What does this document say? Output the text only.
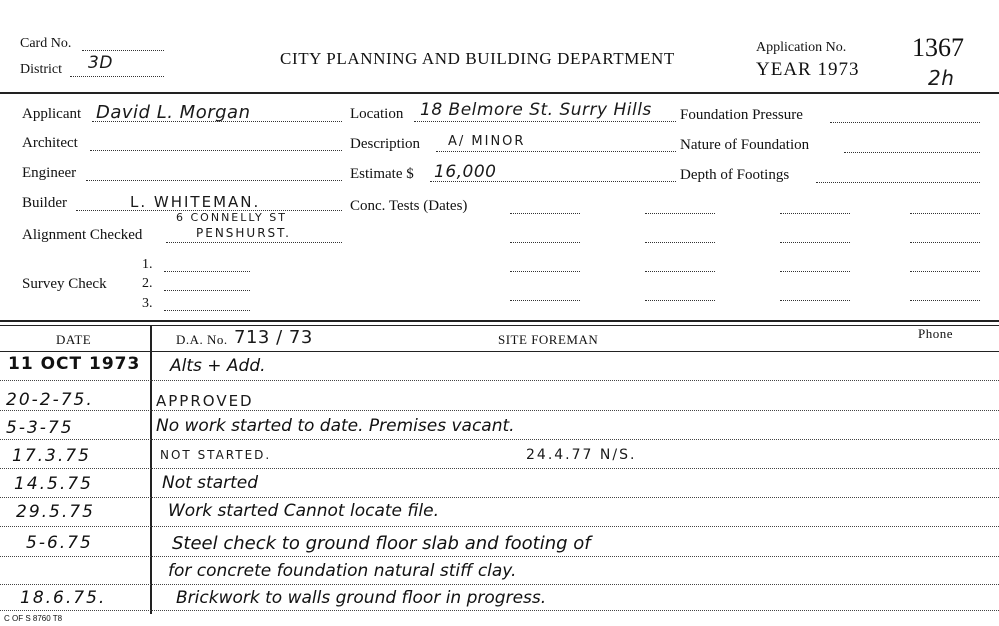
Card No.
District 3D	CITY PLANNING AND BUILDING DEPARTMENT
Application No.
YEAR 1973
1367
2h
Applicant David L. Morgan
Architect
Engineer
Builder	L. WHITEMAN.
6 CONNELLY ST
Alignment Checked	PENSHURST.
Survey Check
1.
2.
3.
Location 18 Belmore St. Surry Hills
Description A/ MINOR
Estimate $ 16,000
Conc. Tests (Dates)
Foundation Pressure
Nature of Foundation
Depth of Footings
DATE	D.A. No. 713 / 73	SITE FOREMAN	Phone
11 OCT 1973 Alts + Add.
20-2-75.	APPROVED
5-3-75	No work started to date. Premises vacant.
17.3.75	NOT STARTED.	24.4.77 N/S.
14.5.75	Not started
29.5.75	Work started Cannot locate file.
5-6.75	Steel check to ground floor slab and footing of
for concrete foundation natural stiff clay.
18.6.75.	Brickwork to walls ground floor in progress.
C OF S 8760 T8
